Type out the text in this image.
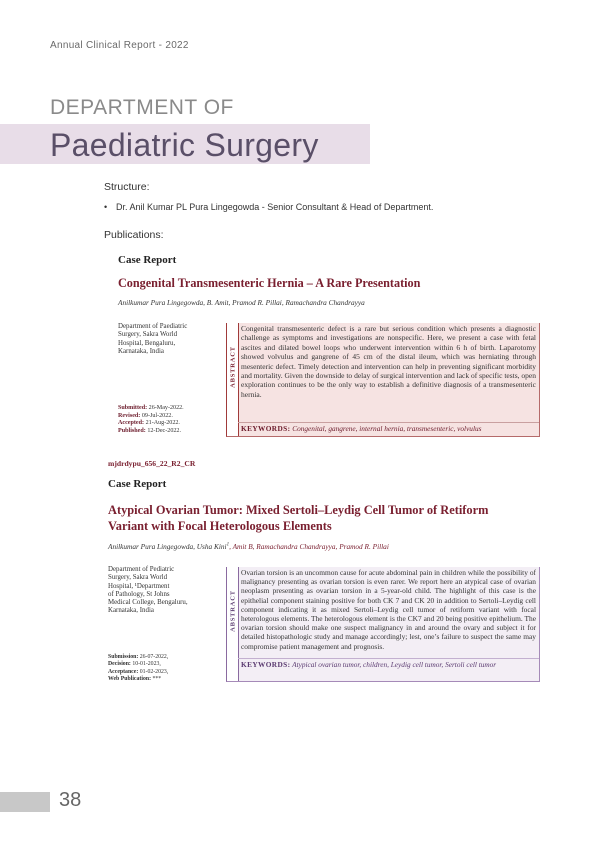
Annual Clinical Report - 2022
DEPARTMENT OF
Paediatric Surgery
Structure:
• Dr. Anil Kumar PL Pura Lingegowda - Senior Consultant & Head of Department.
Publications:
Case Report
Congenital Transmesenteric Hernia – A Rare Presentation
Anilkumar Pura Lingegowda, B. Amit, Pramod R. Pillai, Ramachandra Chandrayya
Department of Paediatric
Surgery, Sakra World
Hospital, Bengaluru,
Karnataka, India
Submitted: 26-May-2022.
Revised: 09-Jul-2022.
Accepted: 21-Aug-2022.
Published: 12-Dec-2022.
ABSTRACT
Congenital transmesenteric defect is a rare but serious condition which presents a diagnostic challenge as symptoms and investigations are nonspecific. Here, we present a case with fetal ascites and dilated bowel loops who underwent intervention within 6 h of birth. Laparotomy showed volvulus and gangrene of 45 cm of the distal ileum, which was herniating through mesenteric defect. Timely detection and intervention can help in preventing significant morbidity and mortality. Given the downside to delay of surgical intervention and lack of specific tests, open exploration continues to be the only way to establish a definitive diagnosis of a transmesenteric hernia.
KEYWORDS: Congenital, gangrene, internal hernia, transmesenteric, volvulus
mjdrdypu_656_22_R2_CR
Case Report
Atypical Ovarian Tumor: Mixed Sertoli–Leydig Cell Tumor of Retiform
Variant with Focal Heterologous Elements
Anilkumar Pura Lingegowda, Usha Kini$^1$, Amit B, Ramachandra Chandrayya, Pramod R. Pillai
Department of Pediatric
Surgery, Sakra World
Hospital, ¹Department
of Pathology, St Johns
Medical College, Bengaluru,
Karnataka, India
Submission: 26-07-2022,
Decision: 10-01-2023,
Acceptance: 01-02-2023,
Web Publication: ***
ABSTRACT
Ovarian torsion is an uncommon cause for acute abdominal pain in children while the possibility of malignancy presenting as ovarian torsion is even rarer. We report here an atypical case of ovarian neoplasm presenting as ovarian torsion in a 5-year-old child. The highlight of this case is the epithelial component staining positive for both CK 7 and CK 20 in addition to Sertoli–Leydig cell component indicating it as mixed Sertoli–Leydig cell tumor of retiform variant with focal heterologous elements. The heterologous element is the CK7 and 20 being positive epithelium. The ovarian torsion should make one suspect malignancy in and around the ovary and subject it for detailed histopathologic study and manage accordingly; lest, one’s failure to suspect the same may compromise patient management and prognosis.
KEYWORDS: Atypical ovarian tumor, children, Leydig cell tumor, Sertoli cell tumor
38
